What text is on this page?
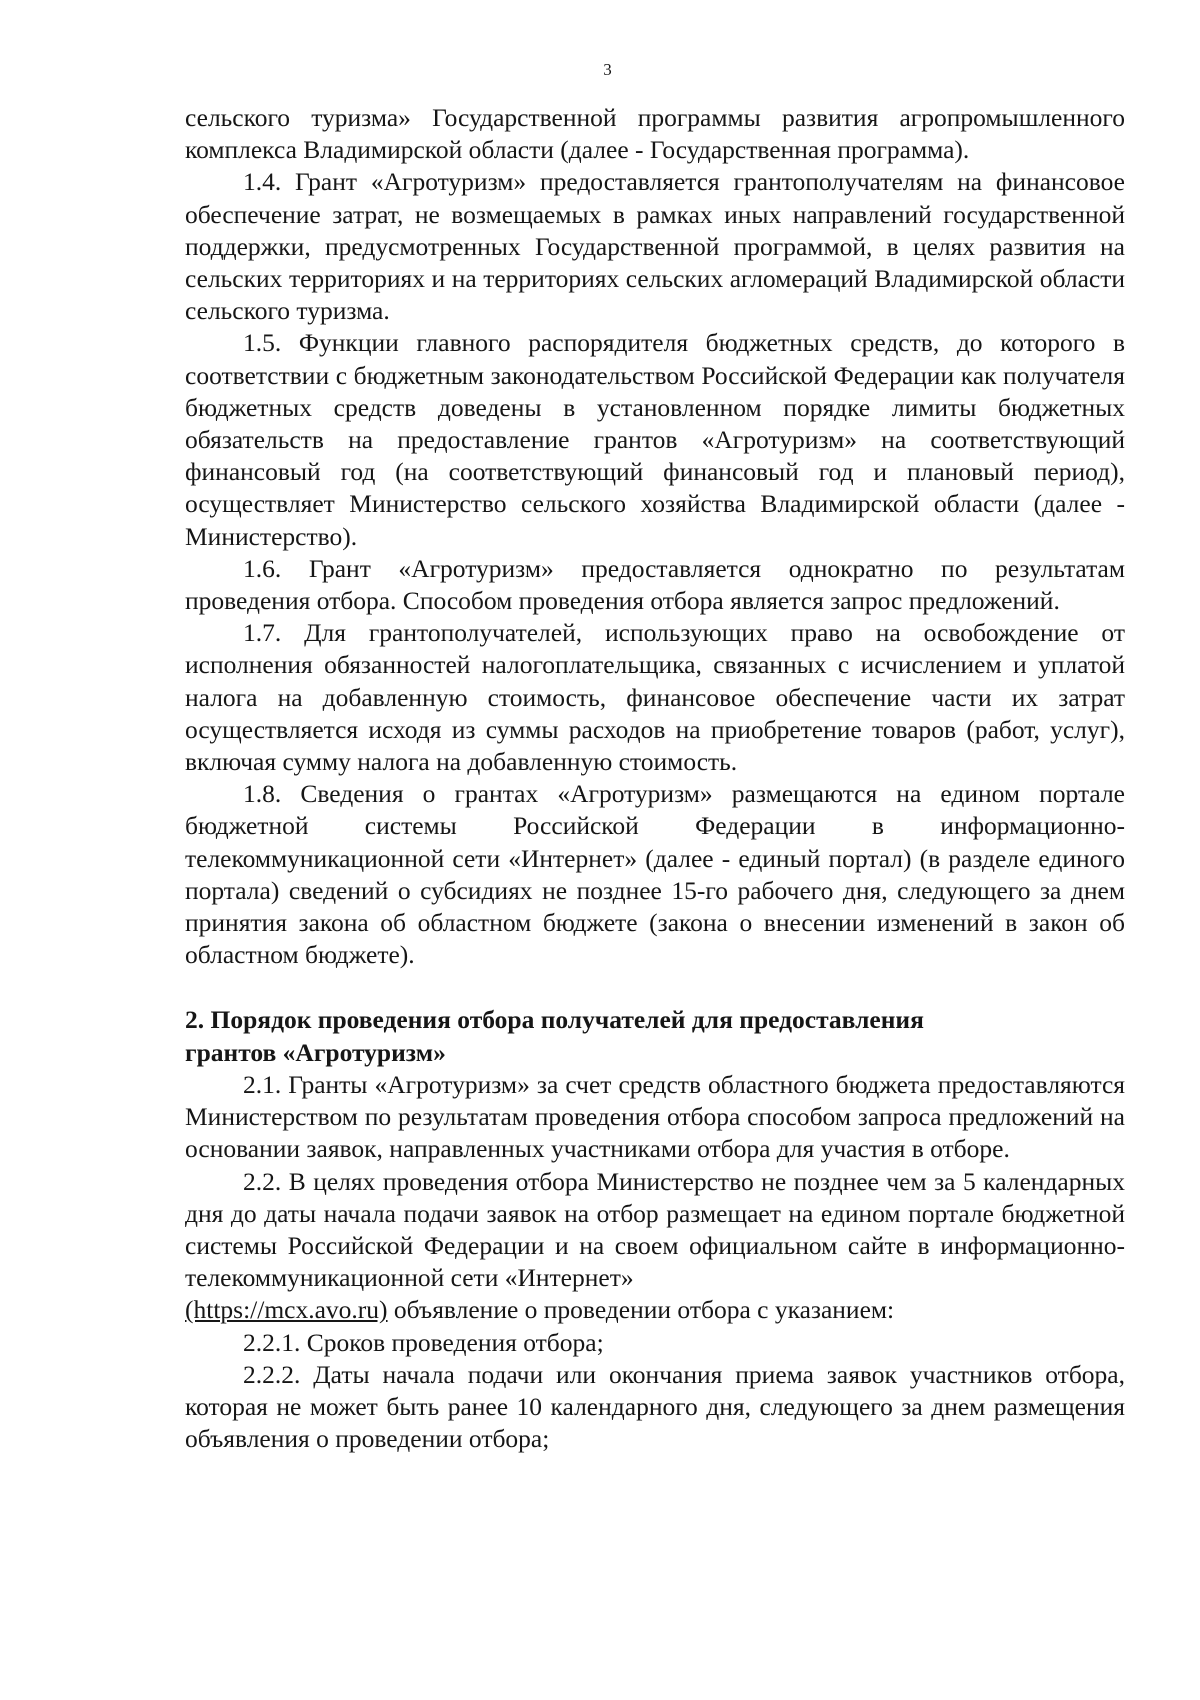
3

сельского туризма» Государственной программы развития агропромышленного комплекса Владимирской области (далее - Государственная программа).

1.4. Грант «Агротуризм» предоставляется грантополучателям на финансовое обеспечение затрат, не возмещаемых в рамках иных направлений государственной поддержки, предусмотренных Государственной программой, в целях развития на сельских территориях и на территориях сельских агломераций Владимирской области сельского туризма.

1.5. Функции главного распорядителя бюджетных средств, до которого в соответствии с бюджетным законодательством Российской Федерации как получателя бюджетных средств доведены в установленном порядке лимиты бюджетных обязательств на предоставление грантов «Агротуризм» на соответствующий финансовый год (на соответствующий финансовый год и плановый период), осуществляет Министерство сельского хозяйства Владимирской области (далее - Министерство).

1.6. Грант «Агротуризм» предоставляется однократно по результатам проведения отбора. Способом проведения отбора является запрос предложений.

1.7. Для грантополучателей, использующих право на освобождение от исполнения обязанностей налогоплательщика, связанных с исчислением и уплатой налога на добавленную стоимость, финансовое обеспечение части их затрат осуществляется исходя из суммы расходов на приобретение товаров (работ, услуг), включая сумму налога на добавленную стоимость.

1.8. Сведения о грантах «Агротуризм» размещаются на едином портале бюджетной системы Российской Федерации в информационно-телекоммуникационной сети «Интернет» (далее - единый портал) (в разделе единого портала) сведений о субсидиях не позднее 15-го рабочего дня, следующего за днем принятия закона об областном бюджете (закона о внесении изменений в закон об областном бюджете).

2. Порядок проведения отбора получателей для предоставления
грантов «Агротуризм»

2.1. Гранты «Агротуризм» за счет средств областного бюджета предоставляются Министерством по результатам проведения отбора способом запроса предложений на основании заявок, направленных участниками отбора для участия в отборе.

2.2. В целях проведения отбора Министерство не позднее чем за 5 календарных дня до даты начала подачи заявок на отбор размещает на едином портале бюджетной системы Российской Федерации и на своем официальном сайте в информационно-телекоммуникационной сети «Интернет»

(https://mcx.avo.ru) объявление о проведении отбора с указанием:

2.2.1. Сроков проведения отбора;

2.2.2. Даты начала подачи или окончания приема заявок участников отбора, которая не может быть ранее 10 календарного дня, следующего за днем размещения объявления о проведении отбора;
